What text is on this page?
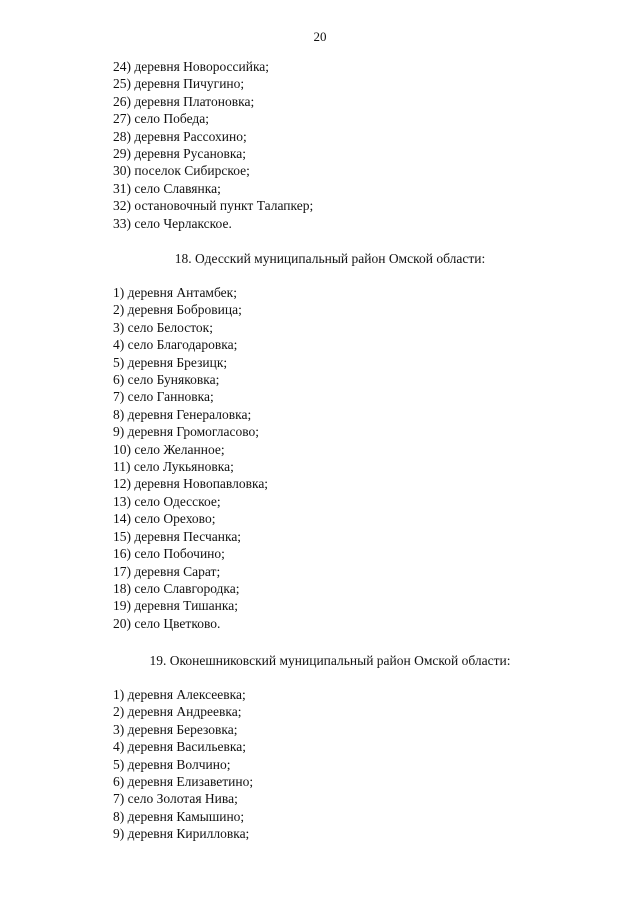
20
24) деревня Новороссийка;
25) деревня Пичугино;
26) деревня Платоновка;
27) село Победа;
28) деревня Рассохино;
29) деревня Русановка;
30) поселок Сибирское;
31) село Славянка;
32) остановочный пункт Талапкер;
33) село Черлакское.
18. Одесский муниципальный район Омской области:
1) деревня Антамбек;
2) деревня Бобровица;
3) село Белосток;
4) село Благодаровка;
5) деревня Брезицк;
6) село Буняковка;
7) село Ганновка;
8) деревня Генераловка;
9) деревня Громогласово;
10) село Желанное;
11) село Лукьяновка;
12) деревня Новопавловка;
13) село Одесское;
14) село Орехово;
15) деревня Песчанка;
16) село Побочино;
17) деревня Сарат;
18) село Славгородка;
19) деревня Тишанка;
20) село Цветково.
19. Оконешниковский муниципальный район Омской области:
1) деревня Алексеевка;
2) деревня Андреевка;
3) деревня Березовка;
4) деревня Васильевка;
5) деревня Волчино;
6) деревня Елизаветино;
7) село Золотая Нива;
8) деревня Камышино;
9) деревня Кирилловка;
